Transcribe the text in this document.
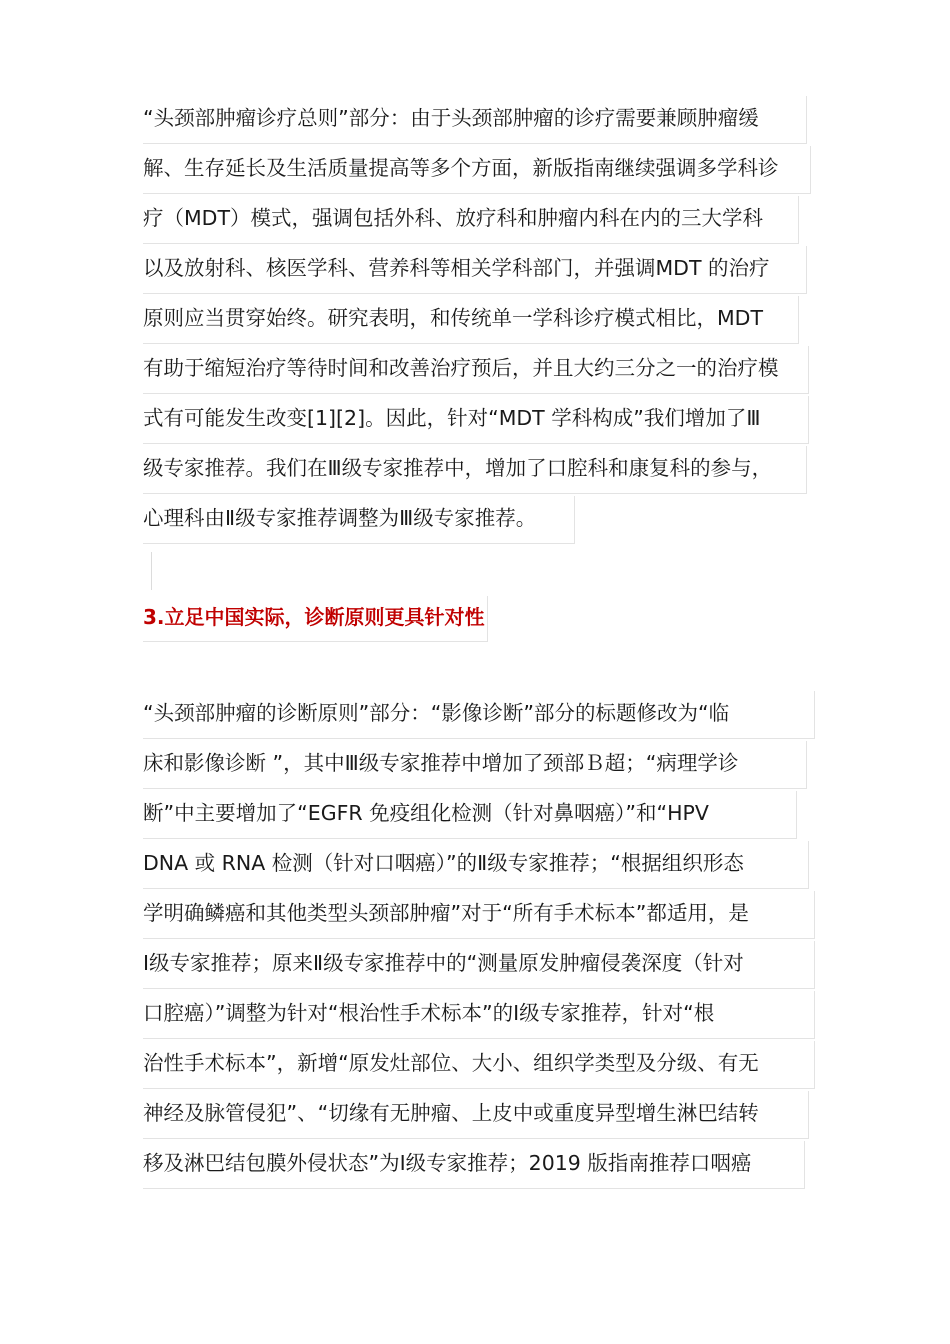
“头颈部肿瘤诊疗总则”部分：由于头颈部肿瘤的诊疗需要兼顾肿瘤缓
解、生存延长及生活质量提高等多个方面，新版指南继续强调多学科诊
疗（MDT）模式，强调包括外科、放疗科和肿瘤内科在内的三大学科
以及放射科、核医学科、营养科等相关学科部门，并强调MDT 的治疗
原则应当贯穿始终。研究表明，和传统单一学科诊疗模式相比，MDT
有助于缩短治疗等待时间和改善治疗预后，并且大约三分之一的治疗模
式有可能发生改变[1][2]。因此，针对“MDT 学科构成”我们增加了Ⅲ
级专家推荐。我们在Ⅲ级专家推荐中，增加了口腔科和康复科的参与，
心理科由Ⅱ级专家推荐调整为Ⅲ级专家推荐。
3.立足中国实际，诊断原则更具针对性
“头颈部肿瘤的诊断原则”部分：“影像诊断”部分的标题修改为“临
床和影像诊断 ”，其中Ⅲ级专家推荐中增加了颈部Ｂ超；“病理学诊
断”中主要增加了“EGFR 免疫组化检测（针对鼻咽癌）”和“HPV
DNA 或 RNA 检测（针对口咽癌）”的Ⅱ级专家推荐；“根据组织形态
学明确鳞癌和其他类型头颈部肿瘤”对于“所有手术标本”都适用，是
Ⅰ级专家推荐；原来Ⅱ级专家推荐中的“测量原发肿瘤侵袭深度（针对
口腔癌）”调整为针对“根治性手术标本”的Ⅰ级专家推荐，针对“根
治性手术标本”，新增“原发灶部位、大小、组织学类型及分级、有无
神经及脉管侵犯”、“切缘有无肿瘤、上皮中或重度异型增生淋巴结转
移及淋巴结包膜外侵状态”为Ⅰ级专家推荐；2019 版指南推荐口咽癌
